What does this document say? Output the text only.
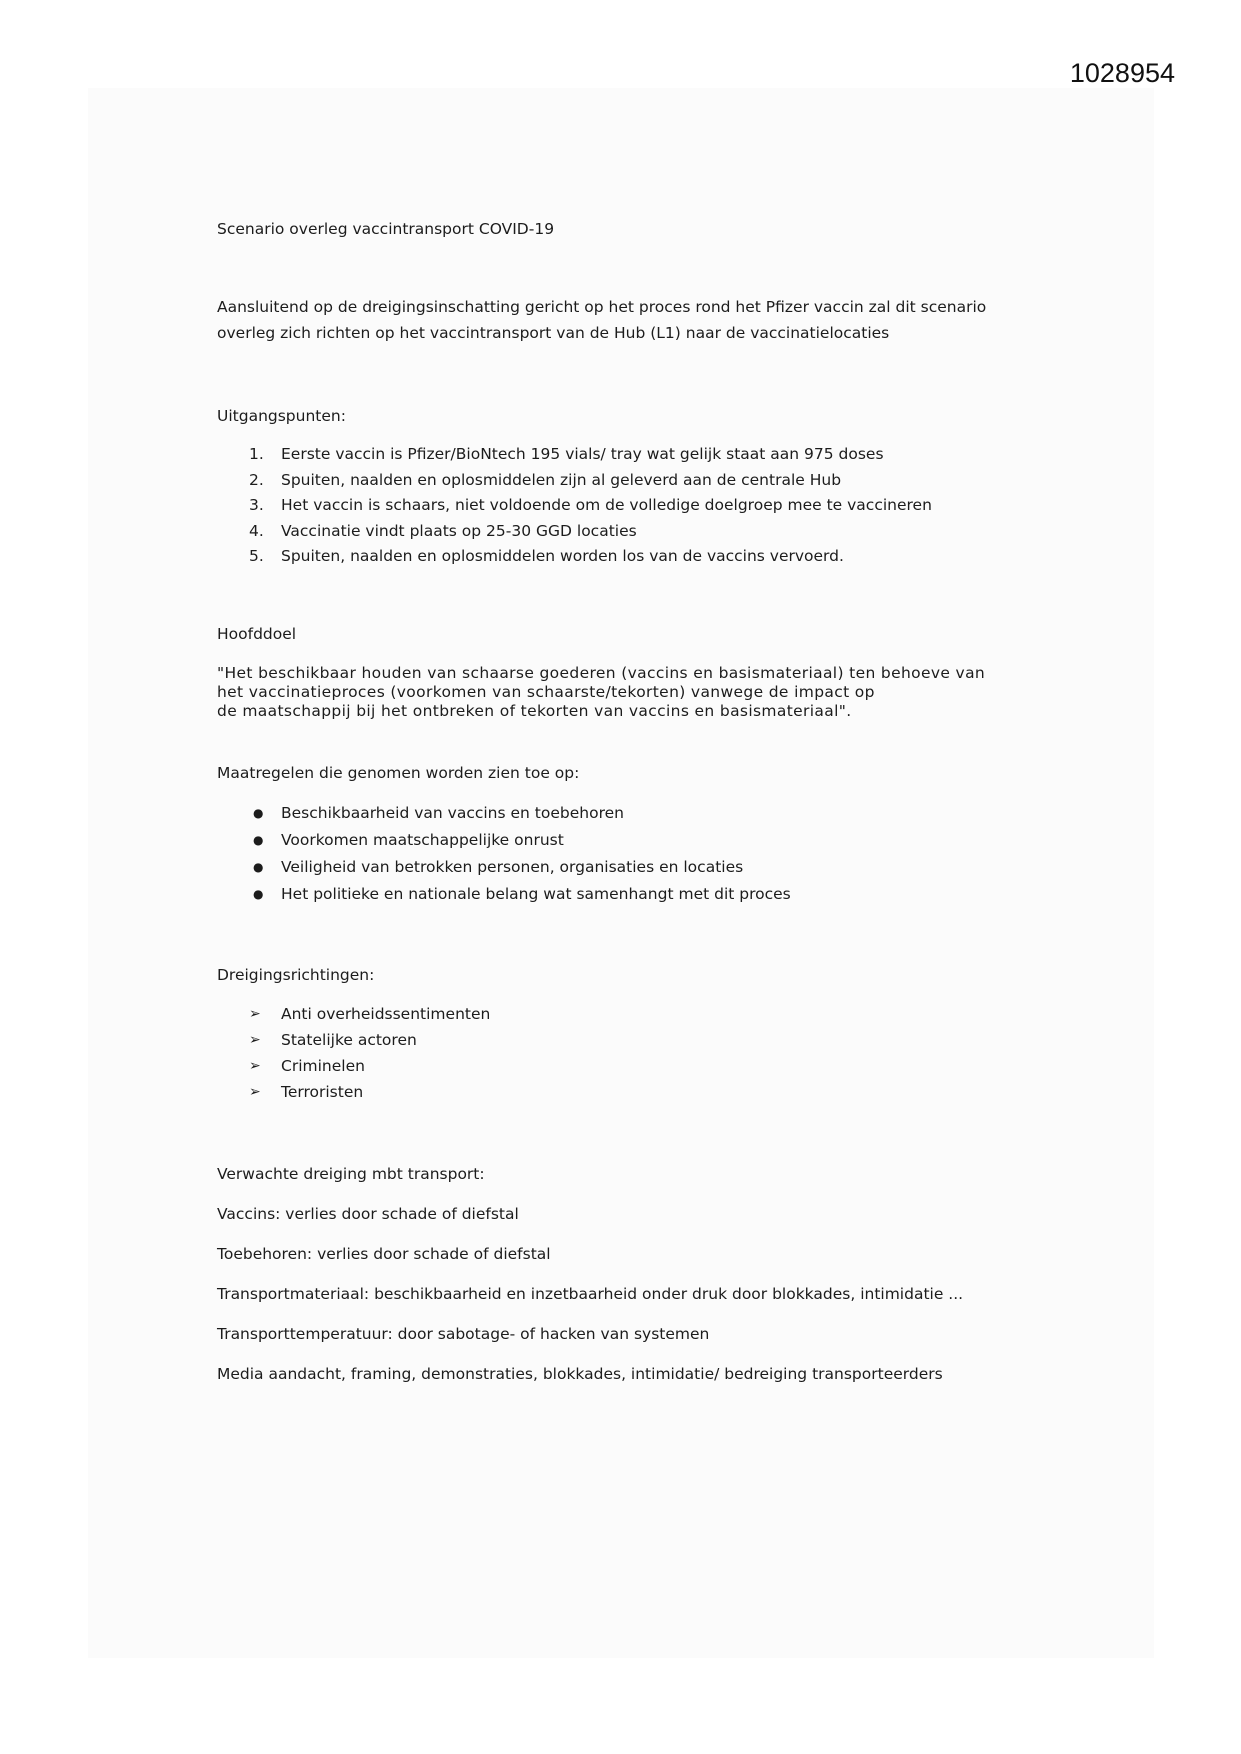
1028954

Scenario overleg vaccintransport COVID-19

Aansluitend op de dreigingsinschatting gericht op het proces rond het Pfizer vaccin zal dit scenario
overleg zich richten op het vaccintransport van de Hub (L1) naar de vaccinatielocaties

Uitgangspunten:

1.	Eerste vaccin is Pfizer/BioNtech 195 vials/ tray wat gelijk staat aan 975 doses
2.	Spuiten, naalden en oplosmiddelen zijn al geleverd aan de centrale Hub
3.	Het vaccin is schaars, niet voldoende om de volledige doelgroep mee te vaccineren
4.	Vaccinatie vindt plaats op 25-30 GGD locaties
5.	Spuiten, naalden en oplosmiddelen worden los van de vaccins vervoerd.

Hoofddoel

"Het beschikbaar houden van schaarse goederen (vaccins en basismateriaal) ten behoeve van
het vaccinatieproces (voorkomen van schaarste/tekorten) vanwege de impact op
de maatschappij bij het ontbreken of tekorten van vaccins en basismateriaal".

Maatregelen die genomen worden zien toe op:

●	Beschikbaarheid van vaccins en toebehoren
●	Voorkomen maatschappelijke onrust
●	Veiligheid van betrokken personen, organisaties en locaties
●	Het politieke en nationale belang wat samenhangt met dit proces

Dreigingsrichtingen:

➢	Anti overheidssentimenten
➢	Statelijke actoren
➢	Criminelen
➢	Terroristen

Verwachte dreiging mbt transport:

Vaccins: verlies door schade of diefstal

Toebehoren: verlies door schade of diefstal

Transportmateriaal: beschikbaarheid en inzetbaarheid onder druk door blokkades, intimidatie ...

Transporttemperatuur: door sabotage- of hacken van systemen

Media aandacht, framing, demonstraties, blokkades, intimidatie/ bedreiging transporteerders
